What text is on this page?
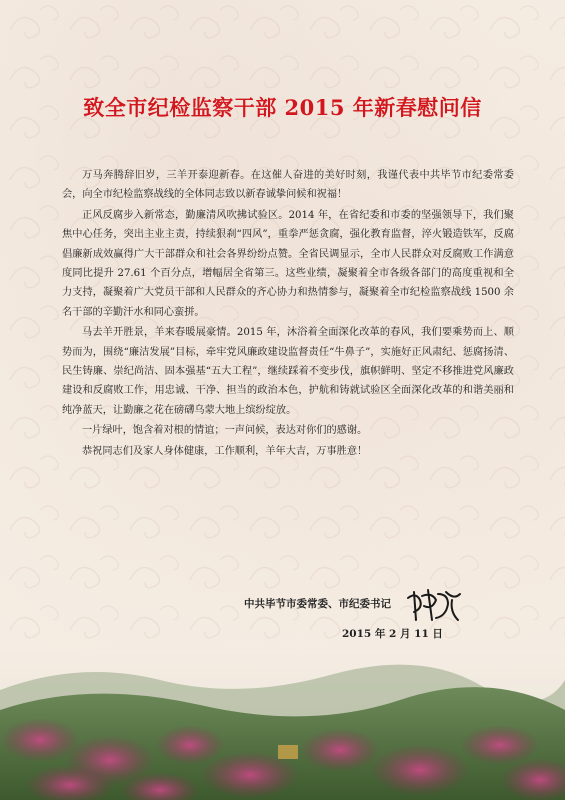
致全市纪检监察干部 2015 年新春慰问信

万马奔腾辞旧岁，三羊开泰迎新春。在这催人奋进的美好时刻，我谨代表中共毕节市纪委常委会，向全市纪检监察战线的全体同志致以新春诚挚问候和祝福！

正风反腐步入新常态，勤廉清风吹拂试验区。2014 年，在省纪委和市委的坚强领导下，我们聚焦中心任务，突出主业主责，持续狠刹“四风”，重拳严惩贪腐，强化教育监督，淬火锻造铁军，反腐倡廉新成效赢得广大干部群众和社会各界纷纷点赞。全省民调显示，全市人民群众对反腐败工作满意度同比提升 27.61 个百分点，增幅居全省第三。这些业绩，凝聚着全市各级各部门的高度重视和全力支持，凝聚着广大党员干部和人民群众的齐心协力和热情参与，凝聚着全市纪检监察战线 1500 余名干部的辛勤汗水和同心蛮拼。

马去羊开胜景，羊来春暖展豪情。2015 年，沐浴着全面深化改革的春风，我们要乘势而上、顺势而为，围绕“廉洁发展”目标，牵牢党风廉政建设监督责任“牛鼻子”，实施好正风肃纪、惩腐扬清、民生铸廉、崇纪尚洁、固本强基“五大工程”，继续踩着不变步伐，旗帜鲜明、坚定不移推进党风廉政建设和反腐败工作，用忠诚、干净、担当的政治本色，护航和铸就试验区全面深化改革的和谐美丽和纯净蓝天，让勤廉之花在磅礴乌蒙大地上缤纷绽放。

一片绿叶，饱含着对根的情谊；一声问候，表达对你们的感谢。

恭祝同志们及家人身体健康，工作顺利，羊年大吉，万事胜意！

中共毕节市委常委、市纪委书记
2015 年 2 月 11 日
